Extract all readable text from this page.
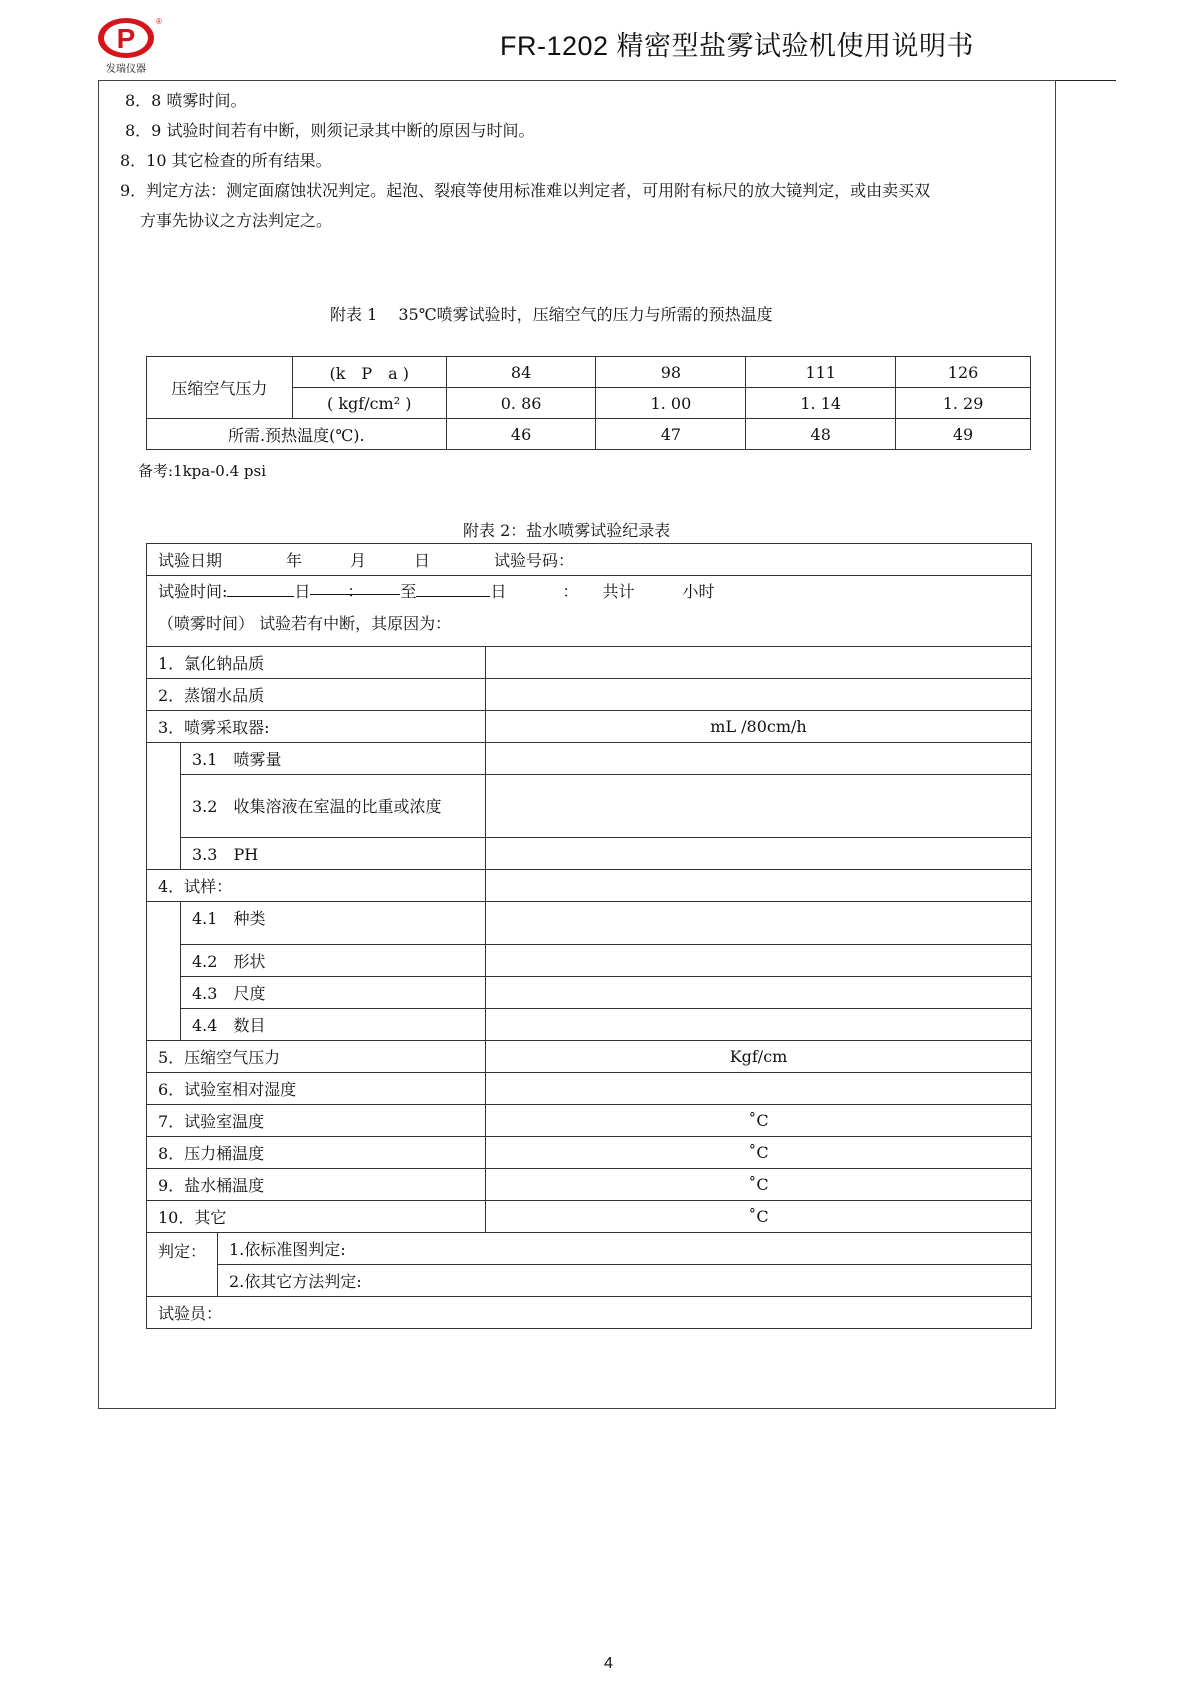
P
®
发瑞仪器
FR-1202 精密型盐雾试验机使用说明书
8．8 喷雾时间。
8．9 试验时间若有中断，则须记录其中断的原因与时间。
8．10 其它检查的所有结果。
9．判定方法：测定面腐蚀状况判定。起泡、裂痕等使用标准难以判定者，可用附有标尺的放大镜判定，或由卖买双
方事先协议之方法判定之。
附表 1　 35℃喷雾试验时，压缩空气的压力与所需的预热温度
压缩空气压力	(k　P　a )	84	98	111	126
	( kgf/cm² )	0. 86	1. 00	1. 14	1. 29
所需.预热温度(℃).		46	47	48	49
备考:1kpa-0.4 psi
附表 2：盐水喷雾试验纪录表
试验日期　　　　年　　　月　　　日　　　　试验号码：			

试验时间: 日 ： 至 日 ：　　共计　　　小时
（喷雾时间） 试验若有中断，其原因为：			

1．氯化钠品质			
2．蒸馏水品质			
3．喷雾采取器:			mL /80cm/h
	3.1　喷雾量		
	3.2　收集溶液在室温的比重或浓度		
	3.3　PH		
4．试样：			
	4.1　种类		
	4.2　形状		
	4.3　尺度		
	4.4　数目		
5．压缩空气压力			Kgf/cm
6．试验室相对湿度			
7．试验室温度			˚C
8．压力桶温度			˚C
9．盐水桶温度			˚C
10．其它			˚C
判定：		1.依标准图判定:	
		2.依其它方法判定:	
试验员：			
4
